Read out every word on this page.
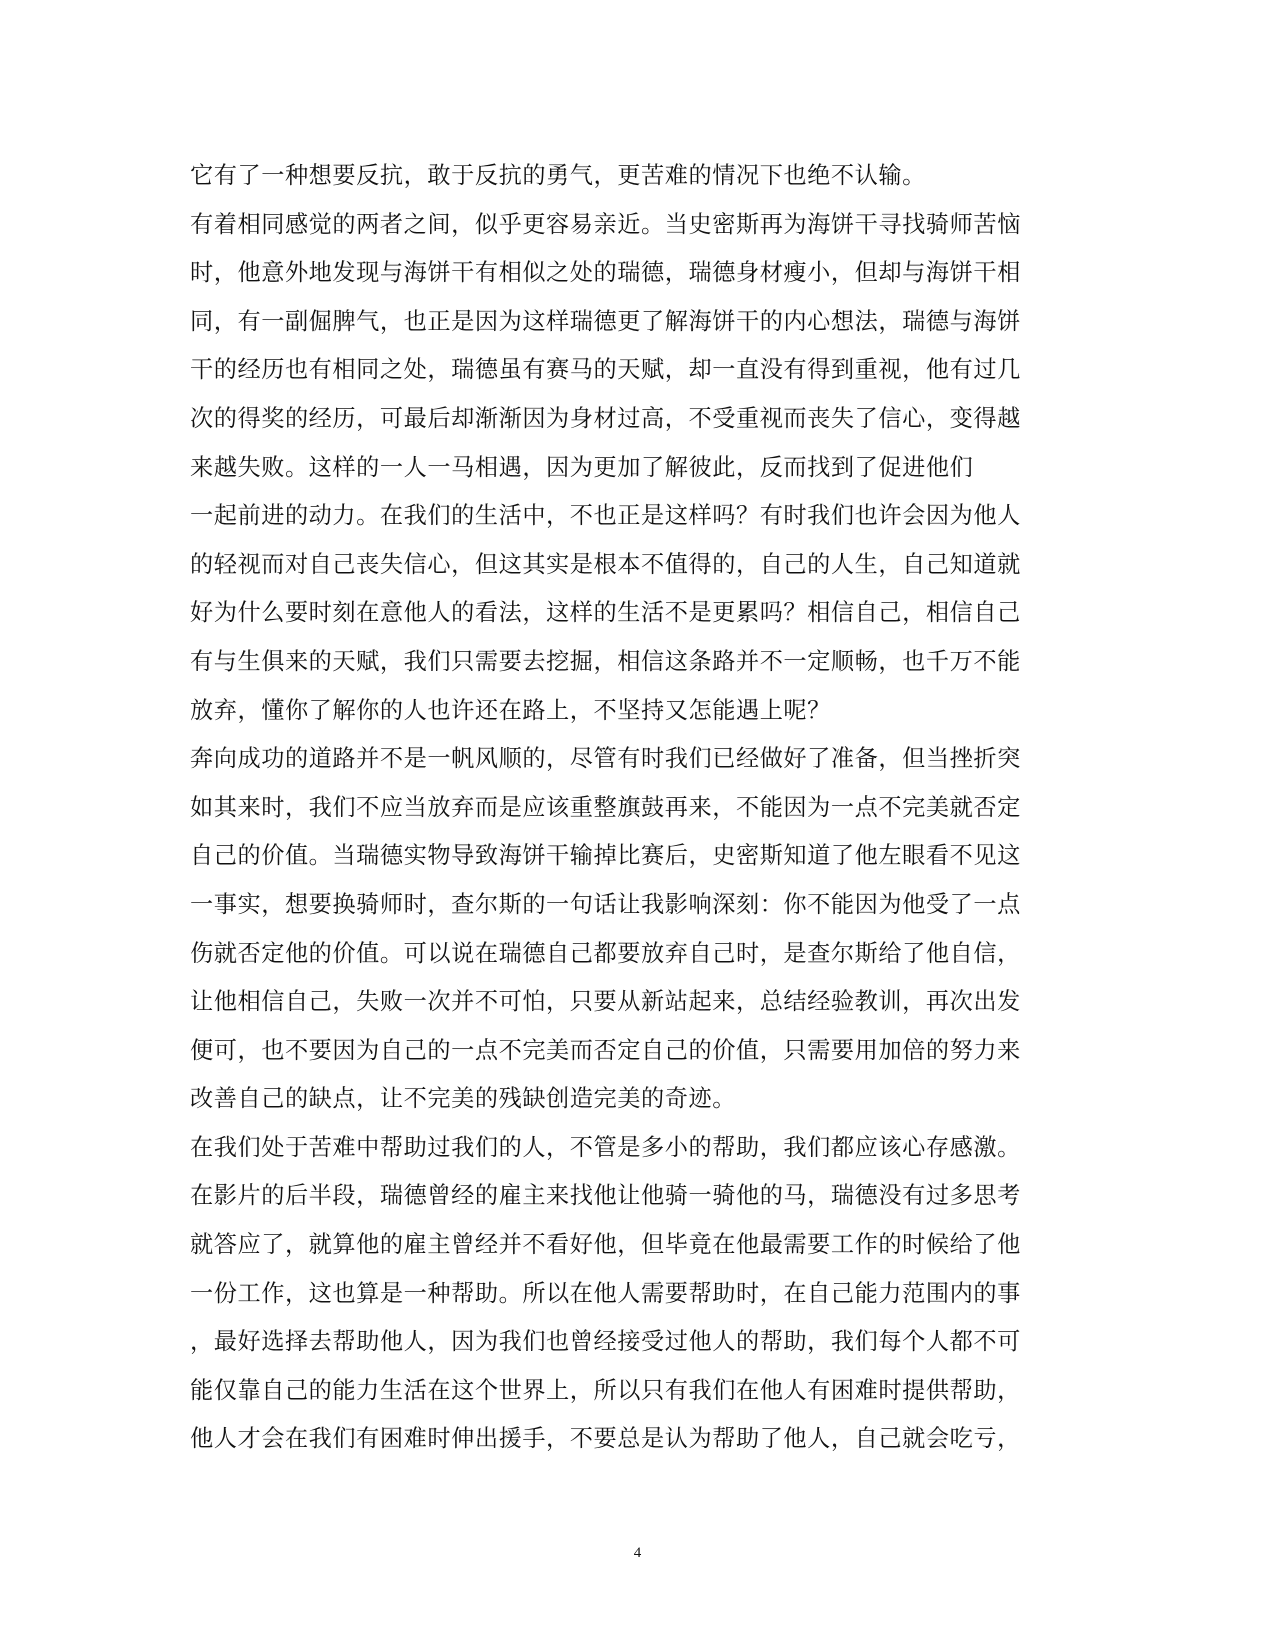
它有了一种想要反抗，敢于反抗的勇气，更苦难的情况下也绝不认输。
有着相同感觉的两者之间，似乎更容易亲近。当史密斯再为海饼干寻找骑师苦恼
时，他意外地发现与海饼干有相似之处的瑞德，瑞德身材瘦小，但却与海饼干相
同，有一副倔脾气，也正是因为这样瑞德更了解海饼干的内心想法，瑞德与海饼
干的经历也有相同之处，瑞德虽有赛马的天赋，却一直没有得到重视，他有过几
次的得奖的经历，可最后却渐渐因为身材过高，不受重视而丧失了信心，变得越
来越失败。这样的一人一马相遇，因为更加了解彼此，反而找到了促进他们
一起前进的动力。在我们的生活中，不也正是这样吗？有时我们也许会因为他人
的轻视而对自己丧失信心，但这其实是根本不值得的，自己的人生，自己知道就
好为什么要时刻在意他人的看法，这样的生活不是更累吗？相信自己，相信自己
有与生俱来的天赋，我们只需要去挖掘，相信这条路并不一定顺畅，也千万不能
放弃，懂你了解你的人也许还在路上，不坚持又怎能遇上呢？
奔向成功的道路并不是一帆风顺的，尽管有时我们已经做好了准备，但当挫折突
如其来时，我们不应当放弃而是应该重整旗鼓再来，不能因为一点不完美就否定
自己的价值。当瑞德实物导致海饼干输掉比赛后，史密斯知道了他左眼看不见这
一事实，想要换骑师时，查尔斯的一句话让我影响深刻：你不能因为他受了一点
伤就否定他的价值。可以说在瑞德自己都要放弃自己时，是查尔斯给了他自信，
让他相信自己，失败一次并不可怕，只要从新站起来，总结经验教训，再次出发
便可，也不要因为自己的一点不完美而否定自己的价值，只需要用加倍的努力来
改善自己的缺点，让不完美的残缺创造完美的奇迹。
在我们处于苦难中帮助过我们的人，不管是多小的帮助，我们都应该心存感激。
在影片的后半段，瑞德曾经的雇主来找他让他骑一骑他的马，瑞德没有过多思考
就答应了，就算他的雇主曾经并不看好他，但毕竟在他最需要工作的时候给了他
一份工作，这也算是一种帮助。所以在他人需要帮助时，在自己能力范围内的事
，最好选择去帮助他人，因为我们也曾经接受过他人的帮助，我们每个人都不可
能仅靠自己的能力生活在这个世界上，所以只有我们在他人有困难时提供帮助，
他人才会在我们有困难时伸出援手，不要总是认为帮助了他人，自己就会吃亏，
4
